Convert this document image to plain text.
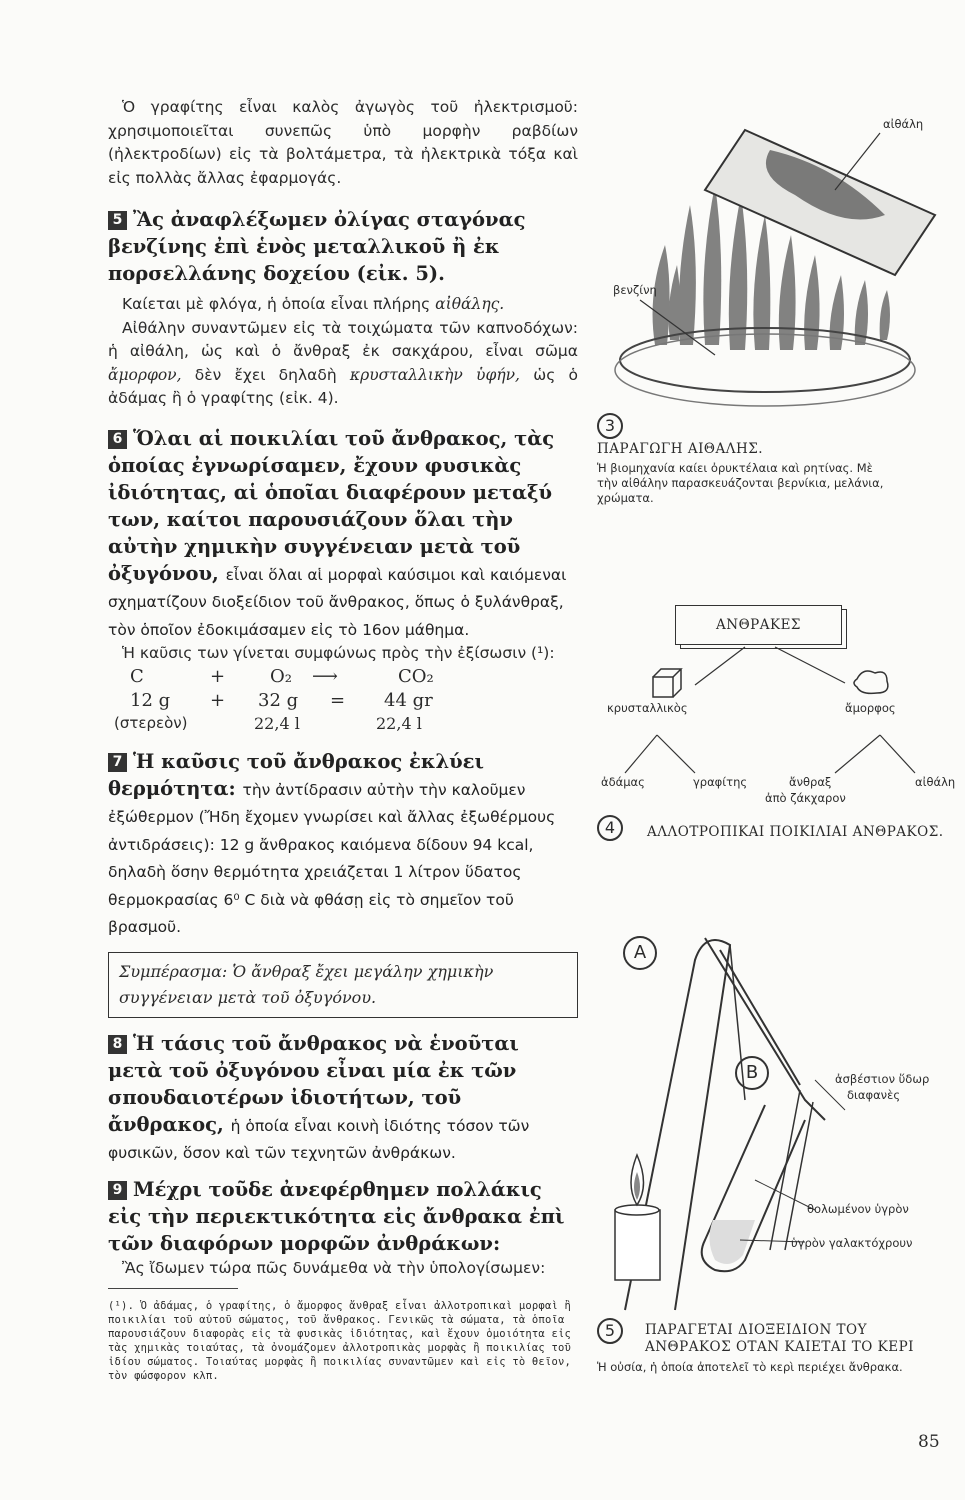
Ὁ γραφίτης εἶναι καλὸς ἀγωγὸς τοῦ ἠλεκτρισμοῦ: χρησιμοποιεῖται συνεπῶς ὑπὸ μορφὴν ραβδίων (ἠλεκτροδίων) εἰς τὰ βολτάμετρα, τὰ ἠλεκτρικὰ τόξα καὶ εἰς πολλὰς ἄλλας ἐφαρμογάς.

5 Ἂς ἀναφλέξωμεν ὀλίγας σταγόνας βενζίνης ἐπὶ ἑνὸς μεταλλικοῦ ἢ ἐκ πορσελλάνης δοχείου (εἰκ. 5).

Καίεται μὲ φλόγα, ἡ ὁποία εἶναι πλήρης αἰθάλης.

Αἰθάλην συναντῶμεν εἰς τὰ τοιχώματα τῶν καπνοδόχων: ἡ αἰθάλη, ὡς καὶ ὁ ἄνθραξ ἐκ σακχάρου, εἶναι σῶμα ἄμορφον, δὲν ἔχει δηλαδὴ κρυσταλλικὴν ὑφήν, ὡς ὁ ἀδάμας ἢ ὁ γραφίτης (εἰκ. 4).

6 Ὅλαι αἱ ποικιλίαι τοῦ ἄνθρακος, τὰς ὁποίας ἐγνωρίσαμεν, ἔχουν φυσικὰς ἰδιότητας, αἱ ὁποῖαι διαφέρουν μεταξύ των, καίτοι παρουσιάζουν ὅλαι τὴν αὐτὴν χημικὴν συγγένειαν μετὰ τοῦ ὀξυγόνου, εἶναι ὅλαι αἱ μορφαὶ καύσιμοι καὶ καιόμεναι σχηματίζουν διοξείδιον τοῦ ἄνθρακος, ὅπως ὁ ξυλάνθραξ, τὸν ὁποῖον ἐδοκιμάσαμεν εἰς τὸ 16ον μάθημα.

Ἡ καῦσις των γίνεται συμφώνως πρὸς τὴν ἐξίσωσιν (¹):

C	+ O₂ ⟶	CO₂
12 g + 32 g = 44 gr
(στερεὸν)	22,4 l	22,4 l

7 Ἡ καῦσις τοῦ ἄνθρακος ἐκλύει θερμότητα: τὴν ἀντίδρασιν αὐτὴν τὴν καλοῦμεν ἐξώθερμον (Ἤδη ἔχομεν γνωρίσει καὶ ἄλλας ἐξωθέρμους ἀντιδράσεις): 12 g ἄνθρακος καιόμενα δίδουν 94 kcal, δηλαδὴ ὅσην θερμότητα χρειάζεται 1 λίτρον ὕδατος θερμοκρασίας 6⁰ C διὰ νὰ φθάσῃ εἰς τὸ σημεῖον τοῦ βρασμοῦ.

Συμπέρασμα: Ὁ ἄνθραξ ἔχει μεγάλην χημικὴν συγγένειαν μετὰ τοῦ ὀξυγόνου.

8 Ἡ τάσις τοῦ ἄνθρακος νὰ ἑνοῦται μετὰ τοῦ ὀξυγόνου εἶναι μία ἐκ τῶν σπουδαιοτέρων ἰδιοτήτων, τοῦ ἄνθρακος, ἡ ὁποία εἶναι κοινὴ ἰδιότης τόσον τῶν φυσικῶν, ὅσον καὶ τῶν τεχνητῶν ἀνθράκων.

9 Μέχρι τοῦδε ἀνεφέρθημεν πολλάκις εἰς τὴν περιεκτικότητα εἰς ἄνθρακα ἐπὶ τῶν διαφόρων μορφῶν ἀνθράκων:

Ἂς ἴδωμεν τώρα πῶς δυνάμεθα νὰ τὴν ὑπολογίσωμεν:

(¹). Ὁ ἀδάμας, ὁ γραφίτης, ὁ ἄμορφος ἄνθραξ εἶναι ἀλλοτροπικαὶ μορφαὶ ἢ ποικιλίαι τοῦ αὐτοῦ σώματος, τοῦ ἄνθρακος. Γενικῶς τὰ σώματα, τὰ ὁποῖα παρουσιάζουν διαφορὰς εἰς τὰ φυσικὰς ἰδιότητας, καὶ ἔχουν ὁμοιότητα εἰς τὰς χημικὰς τοιαύτας, τὰ ὀνομάζομεν ἀλλοτροπικὰς μορφὰς ἢ ποικιλίας τοῦ ἰδίου σώματος. Τοιαύτας μορφὰς ἢ ποικιλίας συναντῶμεν καὶ εἰς τὸ θεῖον, τὸν φώσφορον κλπ.
αἰθάλη
βενζίνη
3
ΠΑΡΑΓΩΓΗ ΑΙΘΑΛΗΣ.
Ἡ βιομηχανία καίει ὀρυκτέλαια καὶ ρητίνας. Μὲ τὴν αἰθάλην παρασκευάζονται βερνίκια, μελάνια, χρώματα.
ΑΝΘΡΑΚΕΣ
κρυσταλλικὸς	ἄμορφος
ἀδάμας	γραφίτης	ἄνθραξ
ἀπὸ ζάκχαρον
αἰθάλη
4	ΑΛΛΟΤΡΟΠΙΚΑΙ ΠΟΙΚΙΛΙΑΙ ΑΝΘΡΑΚΟΣ.
A
B	ἀσβέστιον ὕδωρ
διαφανὲς
θολωμένον ὑγρὸν
ὑγρὸν γαλακτόχρουν
5	ΠΑΡΑΓΕΤΑΙ ΔΙΟΞΕΙΔΙΟΝ ΤΟΥ ΑΝΘΡΑΚΟΣ ΟΤΑΝ ΚΑΙΕΤΑΙ ΤΟ ΚΕΡΙ
Ἡ οὐσία, ἡ ὁποία ἀποτελεῖ τὸ κερὶ περιέχει ἄνθρακα.
85
